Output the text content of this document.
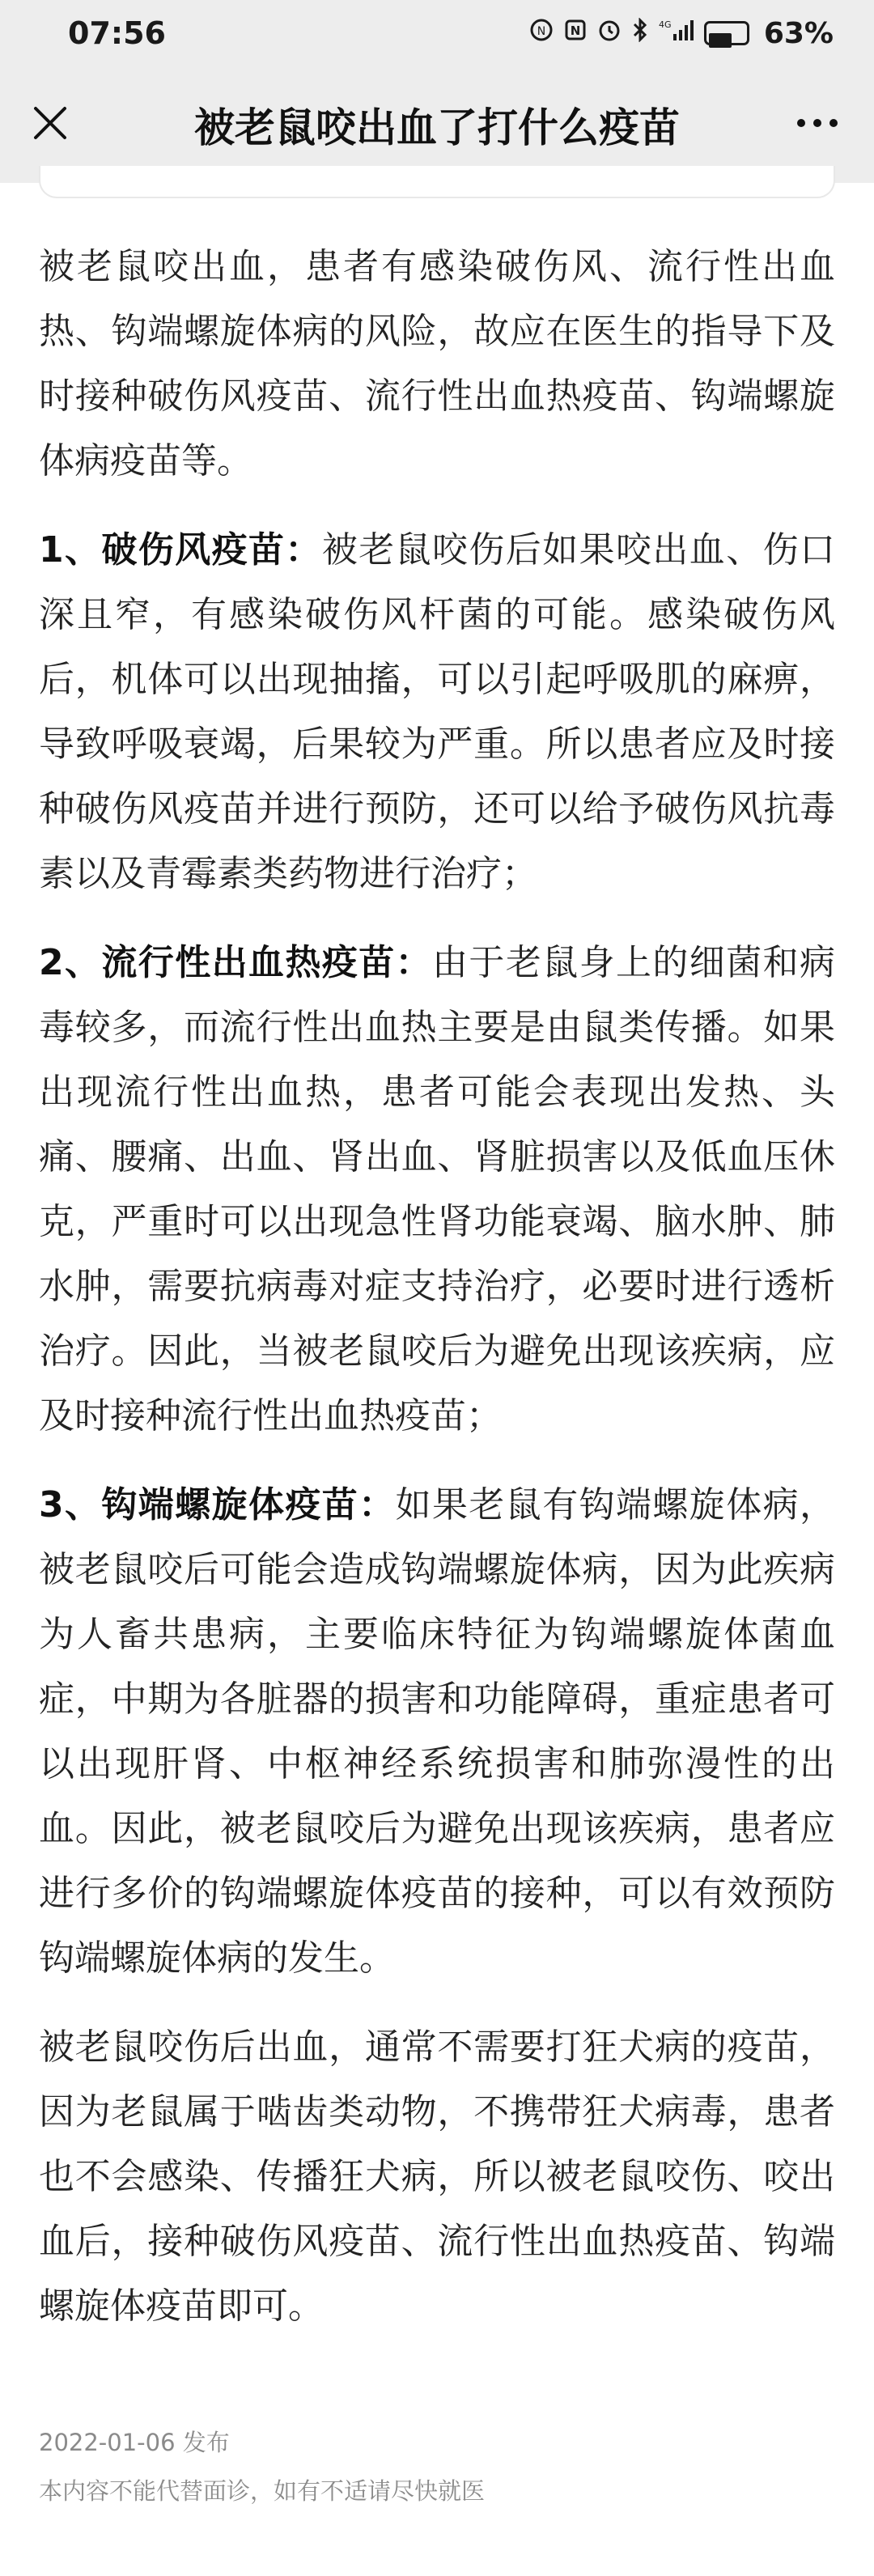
07:56	N N	4G	63%
被老鼠咬出血了打什么疫苗

被老鼠咬出血，患者有感染破伤风、流行性出血热、钩端螺旋体病的风险，故应在医生的指导下及时接种破伤风疫苗、流行性出血热疫苗、钩端螺旋体病疫苗等。

1、破伤风疫苗：被老鼠咬伤后如果咬出血、伤口深且窄，有感染破伤风杆菌的可能。感染破伤风后，机体可以出现抽搐，可以引起呼吸肌的麻痹，导致呼吸衰竭，后果较为严重。所以患者应及时接种破伤风疫苗并进行预防，还可以给予破伤风抗毒素以及青霉素类药物进行治疗；

2、流行性出血热疫苗：由于老鼠身上的细菌和病毒较多，而流行性出血热主要是由鼠类传播。如果出现流行性出血热，患者可能会表现出发热、头痛、腰痛、出血、肾出血、肾脏损害以及低血压休克，严重时可以出现急性肾功能衰竭、脑水肿、肺水肿，需要抗病毒对症支持治疗，必要时进行透析治疗。因此，当被老鼠咬后为避免出现该疾病，应及时接种流行性出血热疫苗；

3、钩端螺旋体疫苗：如果老鼠有钩端螺旋体病，被老鼠咬后可能会造成钩端螺旋体病，因为此疾病为人畜共患病，主要临床特征为钩端螺旋体菌血症，中期为各脏器的损害和功能障碍，重症患者可以出现肝肾、中枢神经系统损害和肺弥漫性的出血。因此，被老鼠咬后为避免出现该疾病，患者应进行多价的钩端螺旋体疫苗的接种，可以有效预防钩端螺旋体病的发生。

被老鼠咬伤后出血，通常不需要打狂犬病的疫苗，因为老鼠属于啮齿类动物，不携带狂犬病毒，患者也不会感染、传播狂犬病，所以被老鼠咬伤、咬出血后，接种破伤风疫苗、流行性出血热疫苗、钩端螺旋体疫苗即可。

2022-01-06 发布
本内容不能代替面诊，如有不适请尽快就医
